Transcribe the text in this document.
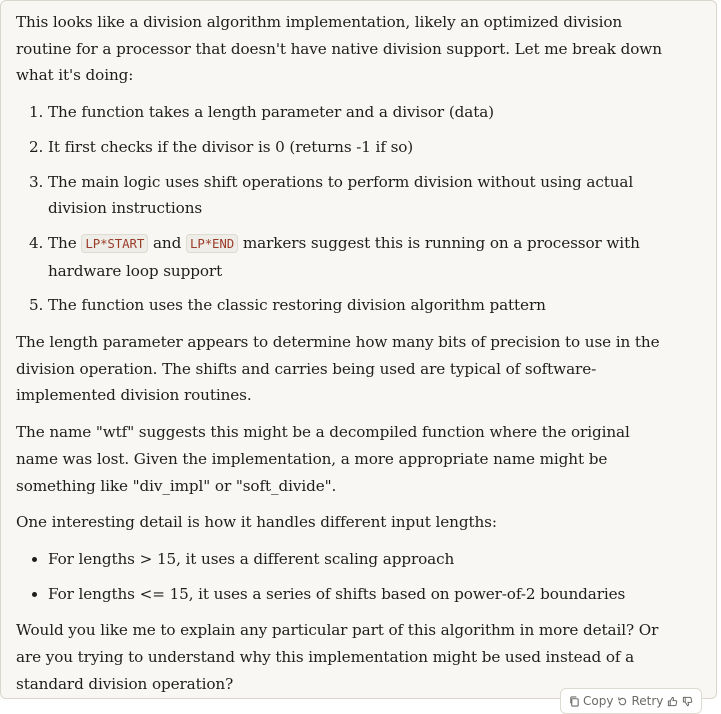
This looks like a division algorithm implementation, likely an optimized division routine for a processor that doesn't have native division support. Let me break down what it's doing:

1. The function takes a length parameter and a divisor (data)
2. It first checks if the divisor is 0 (returns -1 if so)
3. The main logic uses shift operations to perform division without using actual division instructions
4. The LP*START and LP*END markers suggest this is running on a processor with hardware loop support
5. The function uses the classic restoring division algorithm pattern

The length parameter appears to determine how many bits of precision to use in the division operation. The shifts and carries being used are typical of software-implemented division routines.

The name "wtf" suggests this might be a decompiled function where the original name was lost. Given the implementation, a more appropriate name might be something like "div_impl" or "soft_divide".

One interesting detail is how it handles different input lengths:

• For lengths > 15, it uses a different scaling approach
• For lengths <= 15, it uses a series of shifts based on power-of-2 boundaries

Would you like me to explain any particular part of this algorithm in more detail? Or are you trying to understand why this implementation might be used instead of a standard division operation?

Copy Retry
